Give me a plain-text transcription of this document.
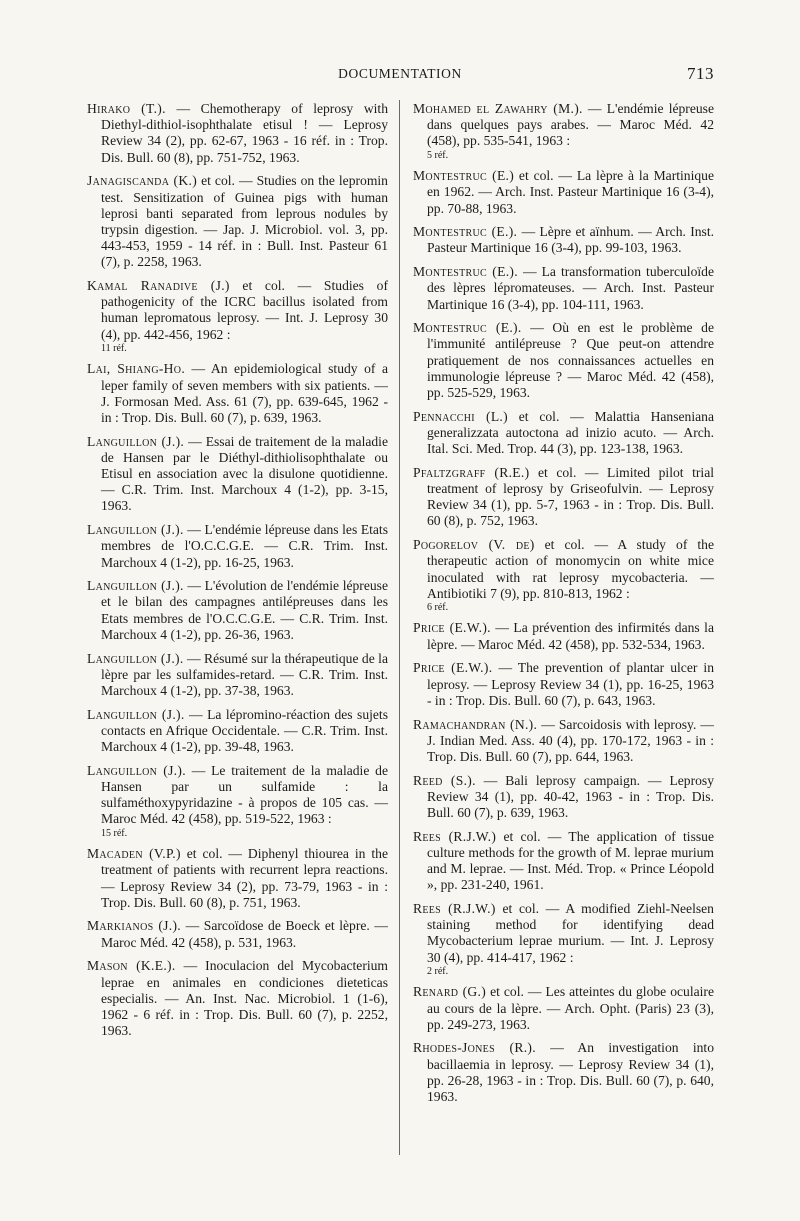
DOCUMENTATION	713

Hirako (T.). — Chemotherapy of leprosy with Diethyl-dithiol-isophthalate etisul ! — Leprosy Review 34 (2), pp. 62-67, 1963 - 16 réf. in : Trop. Dis. Bull. 60 (8), pp. 751-752, 1963.

Janagiscanda (K.) et col. — Studies on the lepromin test. Sensitization of Guinea pigs with human leprosi banti separated from leprous nodules by trypsin digestion. — Jap. J. Microbiol. vol. 3, pp. 443-453, 1959 - 14 réf. in : Bull. Inst. Pasteur 61 (7), p. 2258, 1963.

Kamal Ranadive (J.) et col. — Studies of pathogenicity of the ICRC bacillus isolated from human lepromatous leprosy. — Int. J. Leprosy 30 (4), pp. 442-456, 1962 :
11 réf.

Lai, Shiang-Ho. — An epidemiological study of a leper family of seven members with six patients. — J. Formosan Med. Ass. 61 (7), pp. 639-645, 1962 - in : Trop. Dis. Bull. 60 (7), p. 639, 1963.

Languillon (J.). — Essai de traitement de la maladie de Hansen par le Diéthyl-dithiolisophthalate ou Etisul en association avec la disulone quotidienne. — C.R. Trim. Inst. Marchoux 4 (1-2), pp. 3-15, 1963.

Languillon (J.). — L'endémie lépreuse dans les Etats membres de l'O.C.C.G.E. — C.R. Trim. Inst. Marchoux 4 (1-2), pp. 16-25, 1963.

Languillon (J.). — L'évolution de l'endémie lépreuse et le bilan des campagnes antilépreuses dans les Etats membres de l'O.C.C.G.E. — C.R. Trim. Inst. Marchoux 4 (1-2), pp. 26-36, 1963.

Languillon (J.). — Résumé sur la thérapeutique de la lèpre par les sulfamides-retard. — C.R. Trim. Inst. Marchoux 4 (1-2), pp. 37-38, 1963.

Languillon (J.). — La lépromino-réaction des sujets contacts en Afrique Occidentale. — C.R. Trim. Inst. Marchoux 4 (1-2), pp. 39-48, 1963.

Languillon (J.). — Le traitement de la maladie de Hansen par un sulfamide : la sulfaméthoxypyridazine - à propos de 105 cas. — Maroc Méd. 42 (458), pp. 519-522, 1963 :
15 réf.

Macaden (V.P.) et col. — Diphenyl thiourea in the treatment of patients with recurrent lepra reactions. — Leprosy Review 34 (2), pp. 73-79, 1963 - in : Trop. Dis. Bull. 60 (8), p. 751, 1963.

Markianos (J.). — Sarcoïdose de Boeck et lèpre. — Maroc Méd. 42 (458), p. 531, 1963.

Mason (K.E.). — Inoculacion del Mycobacterium leprae en animales en condiciones dieteticas especialis. — An. Inst. Nac. Microbiol. 1 (1-6), 1962 - 6 réf. in : Trop. Dis. Bull. 60 (7), p. 2252, 1963.

Mohamed el Zawahry (M.). — L'endémie lépreuse dans quelques pays arabes. — Maroc Méd. 42 (458), pp. 535-541, 1963 :
5 réf.

Montestruc (E.) et col. — La lèpre à la Martinique en 1962. — Arch. Inst. Pasteur Martinique 16 (3-4), pp. 70-88, 1963.

Montestruc (E.). — Lèpre et aïnhum. — Arch. Inst. Pasteur Martinique 16 (3-4), pp. 99-103, 1963.

Montestruc (E.). — La transformation tuberculoïde des lèpres lépromateuses. — Arch. Inst. Pasteur Martinique 16 (3-4), pp. 104-111, 1963.

Montestruc (E.). — Où en est le problème de l'immunité antilépreuse ? Que peut-on attendre pratiquement de nos connaissances actuelles en immunologie lépreuse ? — Maroc Méd. 42 (458), pp. 525-529, 1963.

Pennacchi (L.) et col. — Malattia Hanseniana generalizzata autoctona ad inizio acuto. — Arch. Ital. Sci. Med. Trop. 44 (3), pp. 123-138, 1963.

Pfaltzgraff (R.E.) et col. — Limited pilot trial treatment of leprosy by Griseofulvin. — Leprosy Review 34 (1), pp. 5-7, 1963 - in : Trop. Dis. Bull. 60 (8), p. 752, 1963.

Pogorelov (V. de) et col. — A study of the therapeutic action of monomycin on white mice inoculated with rat leprosy mycobacteria. — Antibiotiki 7 (9), pp. 810-813, 1962 :
6 réf.

Price (E.W.). — La prévention des infirmités dans la lèpre. — Maroc Méd. 42 (458), pp. 532-534, 1963.

Price (E.W.). — The prevention of plantar ulcer in leprosy. — Leprosy Review 34 (1), pp. 16-25, 1963 - in : Trop. Dis. Bull. 60 (7), p. 643, 1963.

Ramachandran (N.). — Sarcoidosis with leprosy. — J. Indian Med. Ass. 40 (4), pp. 170-172, 1963 - in : Trop. Dis. Bull. 60 (7), pp. 644, 1963.

Reed (S.). — Bali leprosy campaign. — Leprosy Review 34 (1), pp. 40-42, 1963 - in : Trop. Dis. Bull. 60 (7), p. 639, 1963.

Rees (R.J.W.) et col. — The application of tissue culture methods for the growth of M. leprae murium and M. leprae. — Inst. Méd. Trop. « Prince Léopold », pp. 231-240, 1961.

Rees (R.J.W.) et col. — A modified Ziehl-Neelsen staining method for identifying dead Mycobacterium leprae murium. — Int. J. Leprosy 30 (4), pp. 414-417, 1962 :
2 réf.

Renard (G.) et col. — Les atteintes du globe oculaire au cours de la lèpre. — Arch. Opht. (Paris) 23 (3), pp. 249-273, 1963.

Rhodes-Jones (R.). — An investigation into bacillaemia in leprosy. — Leprosy Review 34 (1), pp. 26-28, 1963 - in : Trop. Dis. Bull. 60 (7), p. 640, 1963.
